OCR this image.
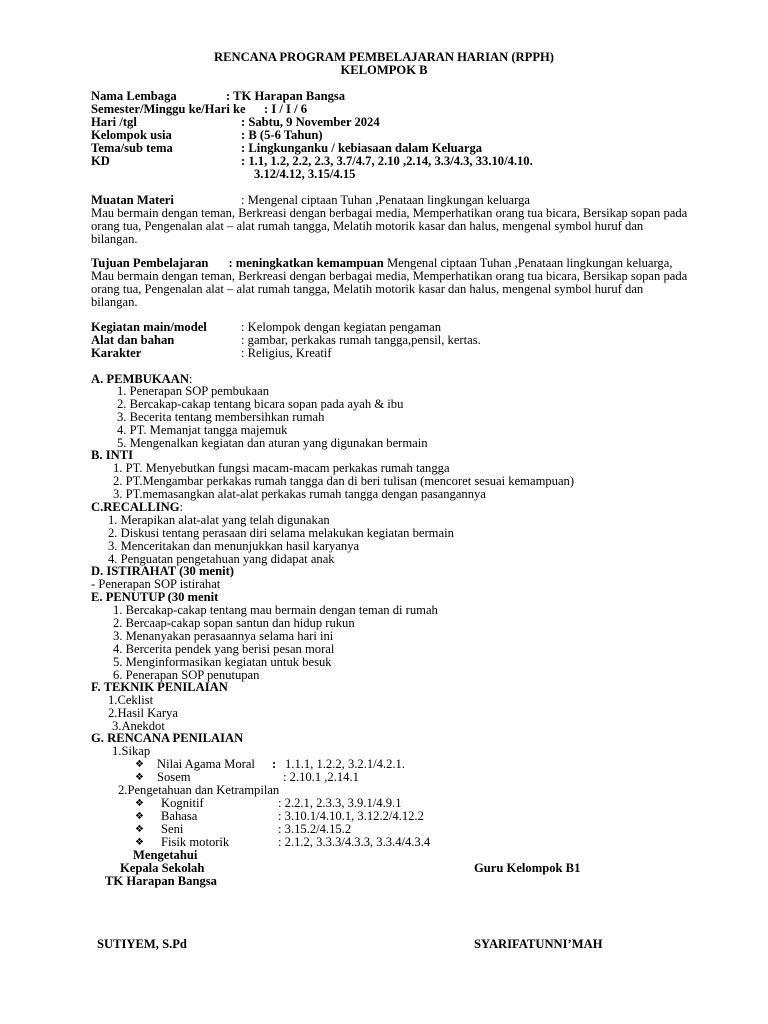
RENCANA PROGRAM PEMBELAJARAN HARIAN (RPPH)
KELOMPOK B
Nama Lembaga	: TK Harapan Bangsa
Semester/Minggu ke/Hari ke : I / I / 6
Hari /tgl	: Sabtu, 9 November 2024
Kelompok usia	: B (5-6 Tahun)
Tema/sub tema	: Lingkunganku / kebiasaan dalam Keluarga
KD	: 1.1, 1.2, 2.2, 2.3, 3.7/4.7, 2.10 ,2.14, 3.3/4.3, 33.10/4.10.
3.12/4.12, 3.15/4.15
Muatan Materi	: Mengenal ciptaan Tuhan ,Penataan lingkungan keluarga
Mau bermain dengan teman, Berkreasi dengan berbagai media, Memperhatikan orang tua bicara, Bersikap sopan pada orang tua, Pengenalan alat – alat rumah tangga, Melatih motorik kasar dan halus, mengenal symbol huruf dan bilangan.
Tujuan Pembelajaran : meningkatkan kemampuan Mengenal ciptaan Tuhan ,Penataan lingkungan keluarga, Mau bermain dengan teman, Berkreasi dengan berbagai media, Memperhatikan orang tua bicara, Bersikap sopan pada orang tua, Pengenalan alat – alat rumah tangga, Melatih motorik kasar dan halus, mengenal symbol huruf dan bilangan.
Kegiatan main/model	: Kelompok dengan kegiatan pengaman
Alat dan bahan	: gambar, perkakas rumah tangga,pensil, kertas.
Karakter	: Religius, Kreatif
A. PEMBUKAAN:
1. Penerapan SOP pembukaan
2. Bercakap-cakap tentang bicara sopan pada ayah & ibu
3. Becerita tentang membersihkan rumah
4. PT. Memanjat tangga majemuk
5. Mengenalkan kegiatan dan aturan yang digunakan bermain
B. INTI
1. PT. Menyebutkan fungsi macam-macam perkakas rumah tangga
2. PT.Mengambar perkakas rumah tangga dan di beri tulisan (mencoret sesuai kemampuan)
3. PT.memasangkan alat-alat perkakas rumah tangga dengan pasangannya
C.RECALLING:
1. Merapikan alat-alat yang telah digunakan
2. Diskusi tentang perasaan diri selama melakukan kegiatan bermain
3. Menceritakan dan menunjukkan hasil karyanya
4. Penguatan pengetahuan yang didapat anak
D. ISTIRAHAT (30 menit)
- Penerapan SOP istirahat
E. PENUTUP (30 menit
1. Bercakap-cakap tentang mau bermain dengan teman di rumah
2. Bercaap-cakap sopan santun dan hidup rukun
3. Menanyakan perasaannya selama hari ini
4. Bercerita pendek yang berisi pesan moral
5. Menginformasikan kegiatan untuk besuk
6. Penerapan SOP penutupan
F. TEKNIK PENILAIAN
1.Ceklist
2.Hasil Karya
3.Anekdot
G. RENCANA PENILAIAN
1.Sikap
❖ Nilai Agama Moral : 1.1.1, 1.2.2, 3.2.1/4.2.1.
❖ Sosem	: 2.10.1 ,2.14.1
2.Pengetahuan dan Ketrampilan
❖ Kognitif	: 2.2.1, 2.3.3, 3.9.1/4.9.1
❖ Bahasa	: 3.10.1/4.10.1, 3.12.2/4.12.2
❖ Seni	: 3.15.2/4.15.2
❖ Fisik motorik	: 2.1.2, 3.3.3/4.3.3, 3.3.4/4.3.4
Mengetahui
Kepala Sekolah	Guru Kelompok B1
TK Harapan Bangsa
SUTIYEM, S.Pd	SYARIFATUNNI’MAH
